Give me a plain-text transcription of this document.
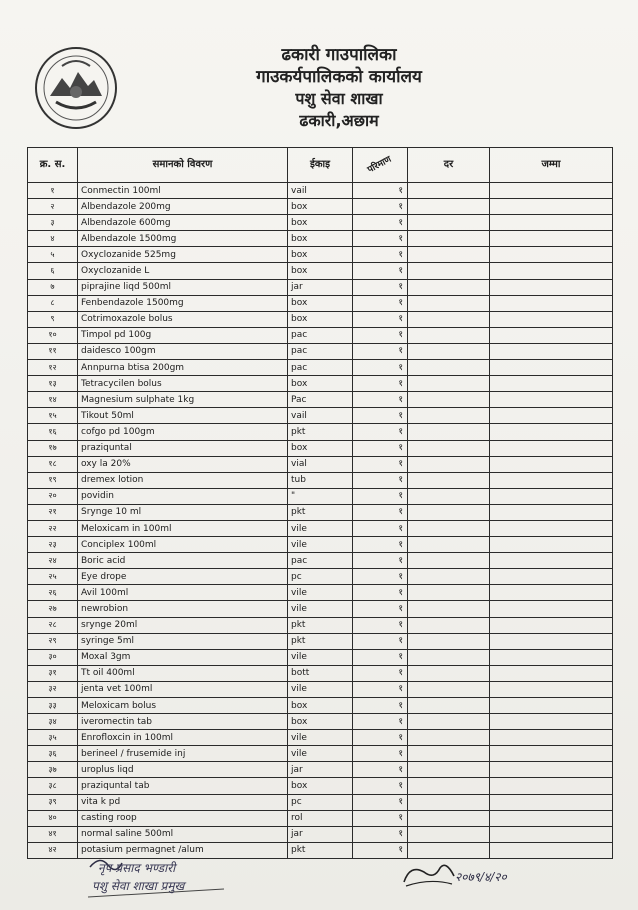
ढकारी गाउपालिका
गाउकर्यपालिकको कार्यालय
पशु सेवा शाखा
ढकारी,अछाम
क्र. स.	समानको विवरण	ईकाइ	परिमाण	दर	जम्मा
१	Conmectin 100ml	vail	१		
२	Albendazole 200mg	box	१		
३	Albendazole 600mg	box	१		
४	Albendazole 1500mg	box	१		
५	Oxyclozanide 525mg	box	१		
६	Oxyclozanide L	box	१		
७	piprajine liqd 500ml	jar	१		
८	Fenbendazole 1500mg	box	१		
९	Cotrimoxazole bolus	box	१		
१०	Timpol pd 100g	pac	१		
११	daidesco 100gm	pac	१		
१२	Annpurna btisa 200gm	pac	१		
१३	Tetracycilen bolus	box	१		
१४	Magnesium sulphate 1kg	Pac	१		
१५	Tikout 50ml	vail	१		
१६	cofgo pd 100gm	pkt	१		
१७	praziquntal	box	१		
१८	oxy la 20%	vial	१		
१९	dremex lotion	tub	१		
२०	povidin	"	१		
२१	Srynge 10 ml	pkt	१		
२२	Meloxicam in 100ml	vile	१		
२३	Conciplex 100ml	vile	१		
२४	Boric acid	pac	१		
२५	Eye drope	pc	१		
२६	Avil 100ml	vile	१		
२७	newrobion	vile	१		
२८	srynge 20ml	pkt	१		
२९	syringe 5ml	pkt	१		
३०	Moxal 3gm	vile	१		
३१	Tt oil 400ml	bott	१		
३२	jenta vet 100ml	vile	१		
३३	Meloxicam bolus	box	१		
३४	iveromectin tab	box	१		
३५	Enrofloxcin in 100ml	vile	१		
३६	berineel / frusemide inj	vile	१		
३७	uroplus liqd	jar	१		
३८	praziquntal tab	box	१		
३९	vita k pd	pc	१		
४०	casting roop	rol	१		
४१	normal saline 500ml	jar	१		
४२	potasium permagnet /alum	pkt	१		
नृप प्रसाद भण्डारी
पशु सेवा शाखा प्रमुख
२०७९/४/२०
